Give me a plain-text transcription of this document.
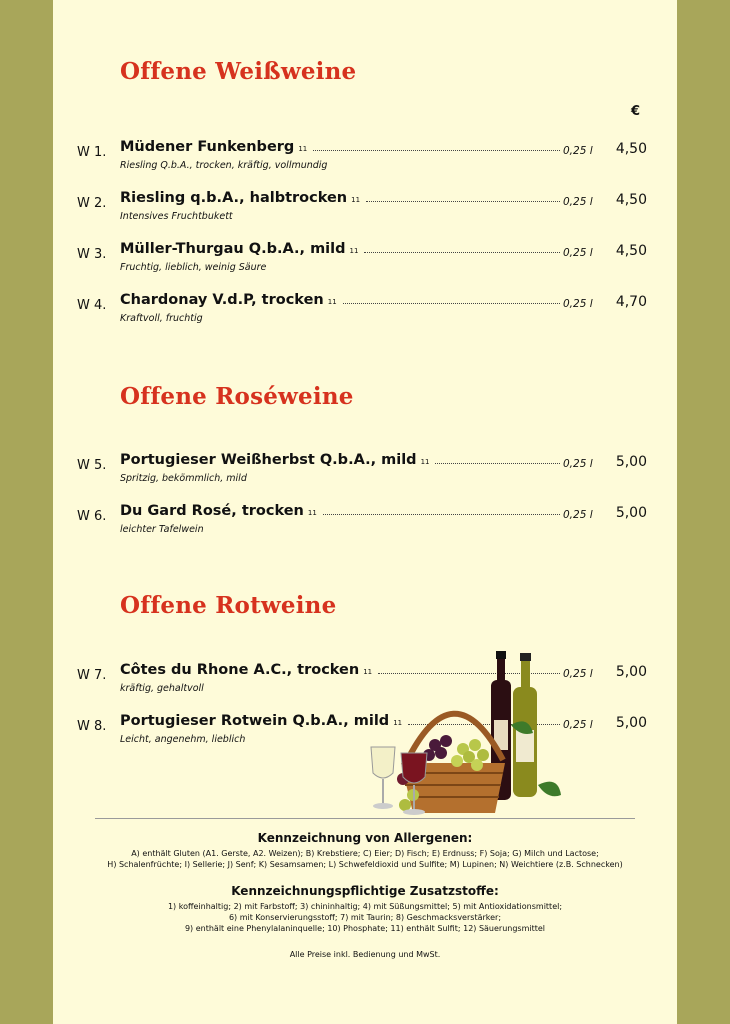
Offene Weißweine
€
W 1. Müdener Funkenberg 11	0,25 l 4,50
Riesling Q.b.A., trocken, kräftig, vollmundig
W 2. Riesling q.b.A., halbtrocken 11	0,25 l 4,50
Intensives Fruchtbukett
W 3. Müller-Thurgau Q.b.A., mild 11	0,25 l 4,50
Fruchtig, lieblich, weinig Säure
W 4. Chardonay V.d.P, trocken 11	0,25 l 4,70
Kraftvoll, fruchtig
Offene Roséweine
W 5. Portugieser Weißherbst Q.b.A., mild 11	0,25 l 5,00
Spritzig, bekömmlich, mild
W 6. Du Gard Rosé, trocken 11	0,25 l 5,00
leichter Tafelwein
Offene Rotweine
W 7. Côtes du Rhone A.C., trocken 11	0,25 l 5,00
kräftig, gehaltvoll
W 8. Portugieser Rotwein Q.b.A., mild 11	0,25 l 5,00
Leicht, angenehm, lieblich
Kennzeichnung von Allergenen:
A) enthält Gluten (A1. Gerste, A2. Weizen); B) Krebstiere; C) Eier; D) Fisch; E) Erdnuss; F) Soja; G) Milch und Lactose;
H) Schalenfrüchte; I) Sellerie; J) Senf; K) Sesamsamen; L) Schwefeldioxid und Sulfite; M) Lupinen; N) Weichtiere (z.B. Schnecken)
Kennzeichnungspflichtige Zusatzstoffe:
1) koffeinhaltig; 2) mit Farbstoff; 3) chininhaltig; 4) mit Süßungsmittel; 5) mit Antioxidationsmittel;
6) mit Konservierungsstoff; 7) mit Taurin; 8) Geschmacksverstärker;
9) enthält eine Phenylalaninquelle; 10) Phosphate; 11) enthält Sulfit; 12) Säuerungsmittel
Alle Preise inkl. Bedienung und MwSt.
